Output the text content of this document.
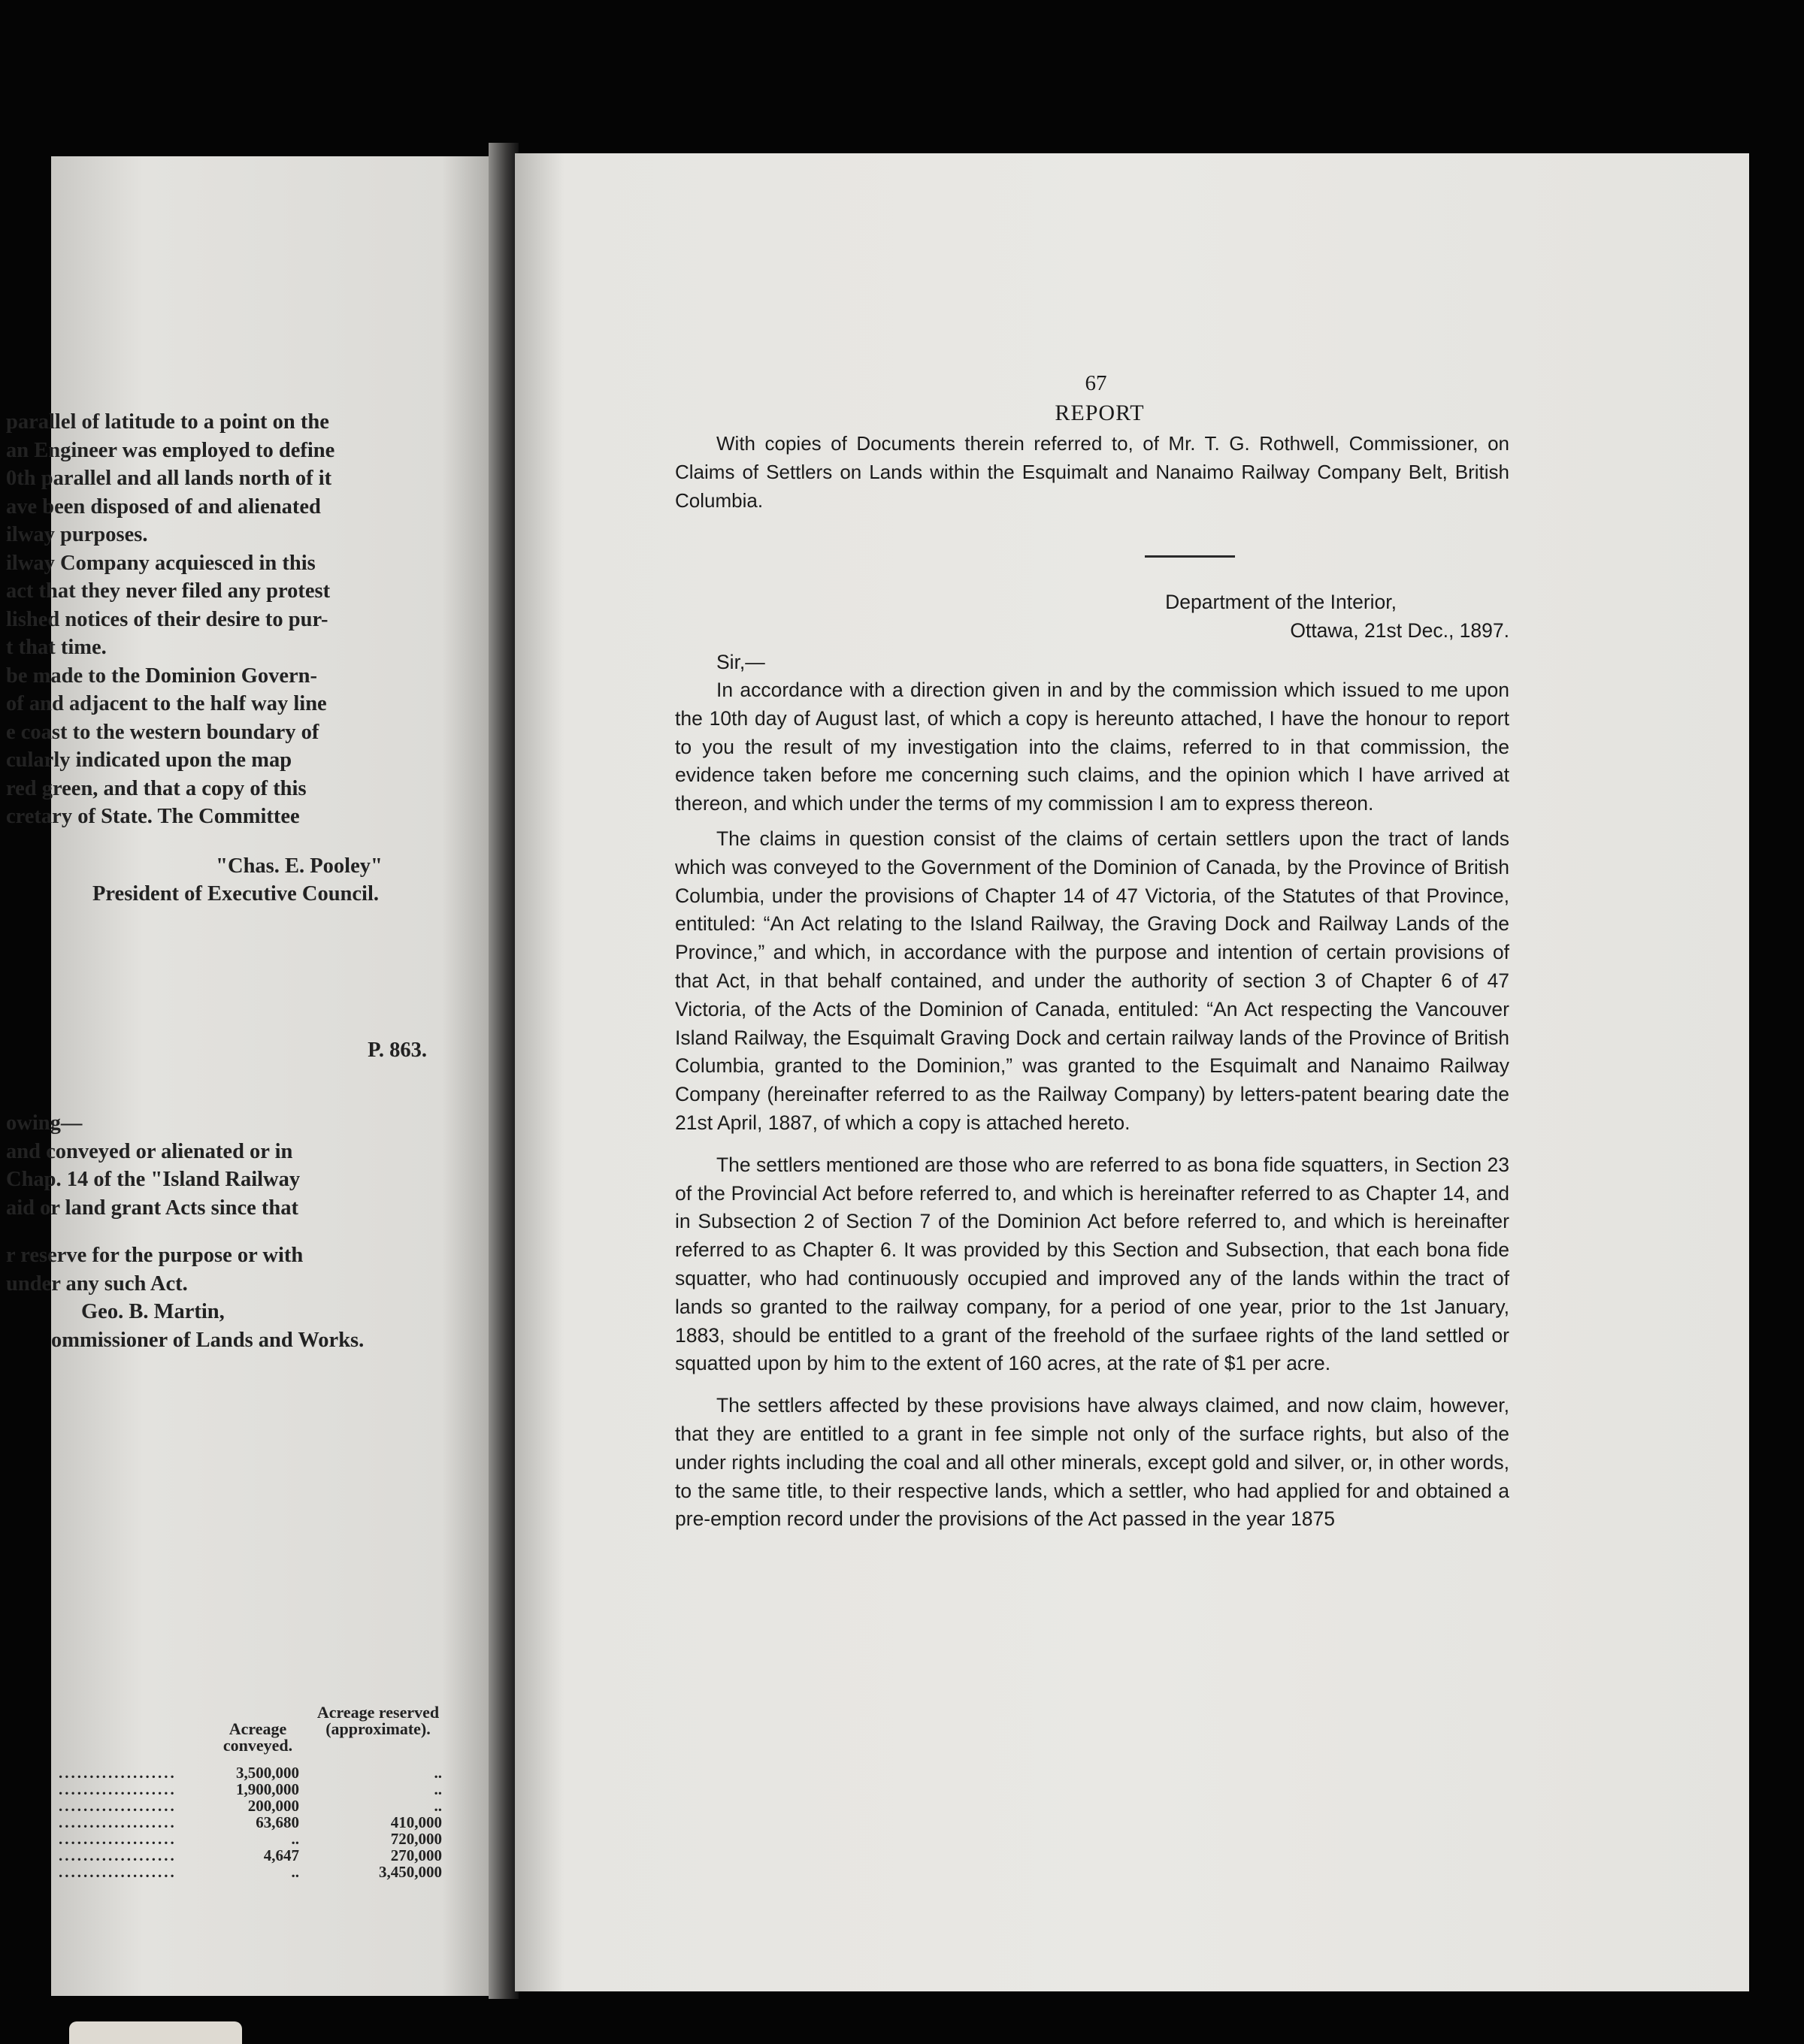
parallel of latitude to a point on the
an Engineer was employed to define
0th parallel and all lands north of it
ave been disposed of and alienated
ilway purposes.
ilway Company acquiesced in this
act that they never filed any protest
lished notices of their desire to pur-
t that time.
be made to the Dominion Govern-
of and adjacent to the half way line
e coast to the western boundary of
cularly indicated upon the map
red green, and that a copy of this
cretary of State. The Committee
"Chas. E. Pooley"
President of Executive Council.
P. 863.
owing—
and conveyed or alienated or in
Chap. 14 of the "Island Railway
aid or land grant Acts since that
r reserve for the purpose or with
under any such Act.
Geo. B. Martin,
ommissioner of Lands and Works.
Acreage conveyed.
Acreage reserved (approximate).
...................	3,500,000	..
...................	1,900,000	..
...................	200,000	..
...................	63,680	410,000
...................	..	720,000
...................	4,647	270,000
...................	..	3,450,000
67
REPORT
With copies of Documents therein referred to, of Mr. T. G. Rothwell, Commissioner, on Claims of Settlers on Lands within the Esquimalt and Nanaimo Railway Company Belt, British Columbia.
Department of the Interior,
Ottawa, 21st Dec., 1897.
Sir,—

In accordance with a direction given in and by the commission which issued to me upon the 10th day of August last, of which a copy is hereunto attached, I have the honour to report to you the result of my investigation into the claims, referred to in that commission, the evidence taken before me concerning such claims, and the opinion which I have arrived at thereon, and which under the terms of my commission I am to express thereon.

The claims in question consist of the claims of certain settlers upon the tract of lands which was conveyed to the Government of the Dominion of Canada, by the Province of British Columbia, under the provisions of Chapter 14 of 47 Victoria, of the Statutes of that Province, entituled: “An Act relating to the Island Railway, the Graving Dock and Railway Lands of the Province,” and which, in accordance with the purpose and intention of certain provisions of that Act, in that behalf contained, and under the authority of section 3 of Chapter 6 of 47 Victoria, of the Acts of the Dominion of Canada, entituled: “An Act respecting the Vancouver Island Railway, the Esquimalt Graving Dock and certain railway lands of the Province of British Columbia, granted to the Dominion,” was granted to the Esquimalt and Nanaimo Railway Company (hereinafter referred to as the Railway Company) by letters-patent bearing date the 21st April, 1887, of which a copy is attached hereto.

The settlers mentioned are those who are referred to as bona fide squatters, in Section 23 of the Provincial Act before referred to, and which is hereinafter referred to as Chapter 14, and in Subsection 2 of Section 7 of the Dominion Act before referred to, and which is hereinafter referred to as Chapter 6. It was provided by this Section and Subsection, that each bona fide squatter, who had continuously occupied and improved any of the lands within the tract of lands so granted to the railway company, for a period of one year, prior to the 1st January, 1883, should be entitled to a grant of the freehold of the surfaee rights of the land settled or squatted upon by him to the extent of 160 acres, at the rate of $1 per acre.

The settlers affected by these provisions have always claimed, and now claim, however, that they are entitled to a grant in fee simple not only of the surface rights, but also of the under rights including the coal and all other minerals, except gold and silver, or, in other words, to the same title, to their respective lands, which a settler, who had applied for and obtained a pre-emption record under the provisions of the Act passed in the year 1875
